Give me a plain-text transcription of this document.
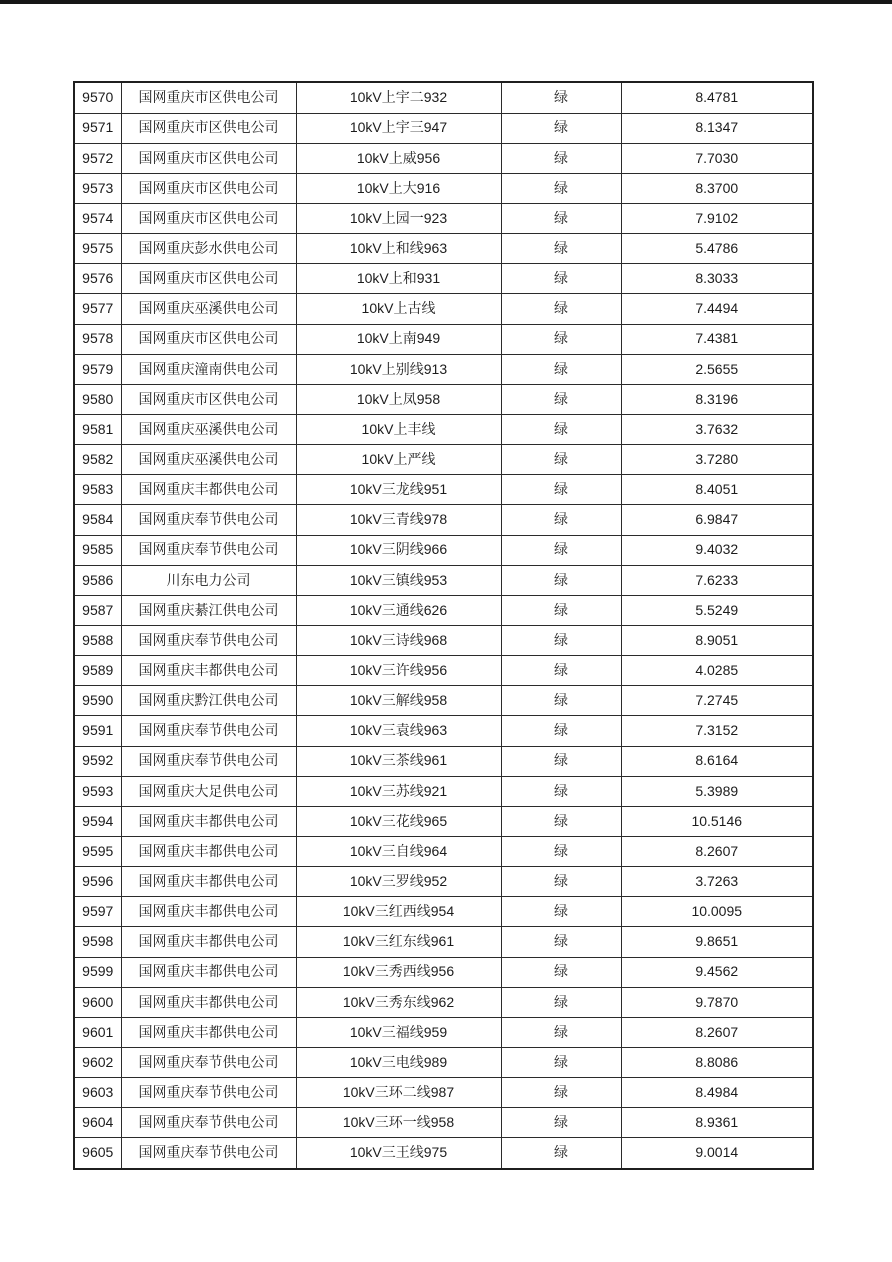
9570	国网重庆市区供电公司	10kV上宇二932	绿	8.4781
9571	国网重庆市区供电公司	10kV上宇三947	绿	8.1347
9572	国网重庆市区供电公司	10kV上威956	绿	7.7030
9573	国网重庆市区供电公司	10kV上大916	绿	8.3700
9574	国网重庆市区供电公司	10kV上园一923	绿	7.9102
9575	国网重庆彭水供电公司	10kV上和线963	绿	5.4786
9576	国网重庆市区供电公司	10kV上和931	绿	8.3033
9577	国网重庆巫溪供电公司	10kV上古线	绿	7.4494
9578	国网重庆市区供电公司	10kV上南949	绿	7.4381
9579	国网重庆潼南供电公司	10kV上别线913	绿	2.5655
9580	国网重庆市区供电公司	10kV上凤958	绿	8.3196
9581	国网重庆巫溪供电公司	10kV上丰线	绿	3.7632
9582	国网重庆巫溪供电公司	10kV上严线	绿	3.7280
9583	国网重庆丰都供电公司	10kV三龙线951	绿	8.4051
9584	国网重庆奉节供电公司	10kV三青线978	绿	6.9847
9585	国网重庆奉节供电公司	10kV三阴线966	绿	9.4032
9586	川东电力公司	10kV三镇线953	绿	7.6233
9587	国网重庆綦江供电公司	10kV三通线626	绿	5.5249
9588	国网重庆奉节供电公司	10kV三诗线968	绿	8.9051
9589	国网重庆丰都供电公司	10kV三许线956	绿	4.0285
9590	国网重庆黔江供电公司	10kV三解线958	绿	7.2745
9591	国网重庆奉节供电公司	10kV三袁线963	绿	7.3152
9592	国网重庆奉节供电公司	10kV三茶线961	绿	8.6164
9593	国网重庆大足供电公司	10kV三苏线921	绿	5.3989
9594	国网重庆丰都供电公司	10kV三花线965	绿	10.5146
9595	国网重庆丰都供电公司	10kV三自线964	绿	8.2607
9596	国网重庆丰都供电公司	10kV三罗线952	绿	3.7263
9597	国网重庆丰都供电公司	10kV三红西线954	绿	10.0095
9598	国网重庆丰都供电公司	10kV三红东线961	绿	9.8651
9599	国网重庆丰都供电公司	10kV三秀西线956	绿	9.4562
9600	国网重庆丰都供电公司	10kV三秀东线962	绿	9.7870
9601	国网重庆丰都供电公司	10kV三福线959	绿	8.2607
9602	国网重庆奉节供电公司	10kV三电线989	绿	8.8086
9603	国网重庆奉节供电公司	10kV三环二线987	绿	8.4984
9604	国网重庆奉节供电公司	10kV三环一线958	绿	8.9361
9605	国网重庆奉节供电公司	10kV三王线975	绿	9.0014
